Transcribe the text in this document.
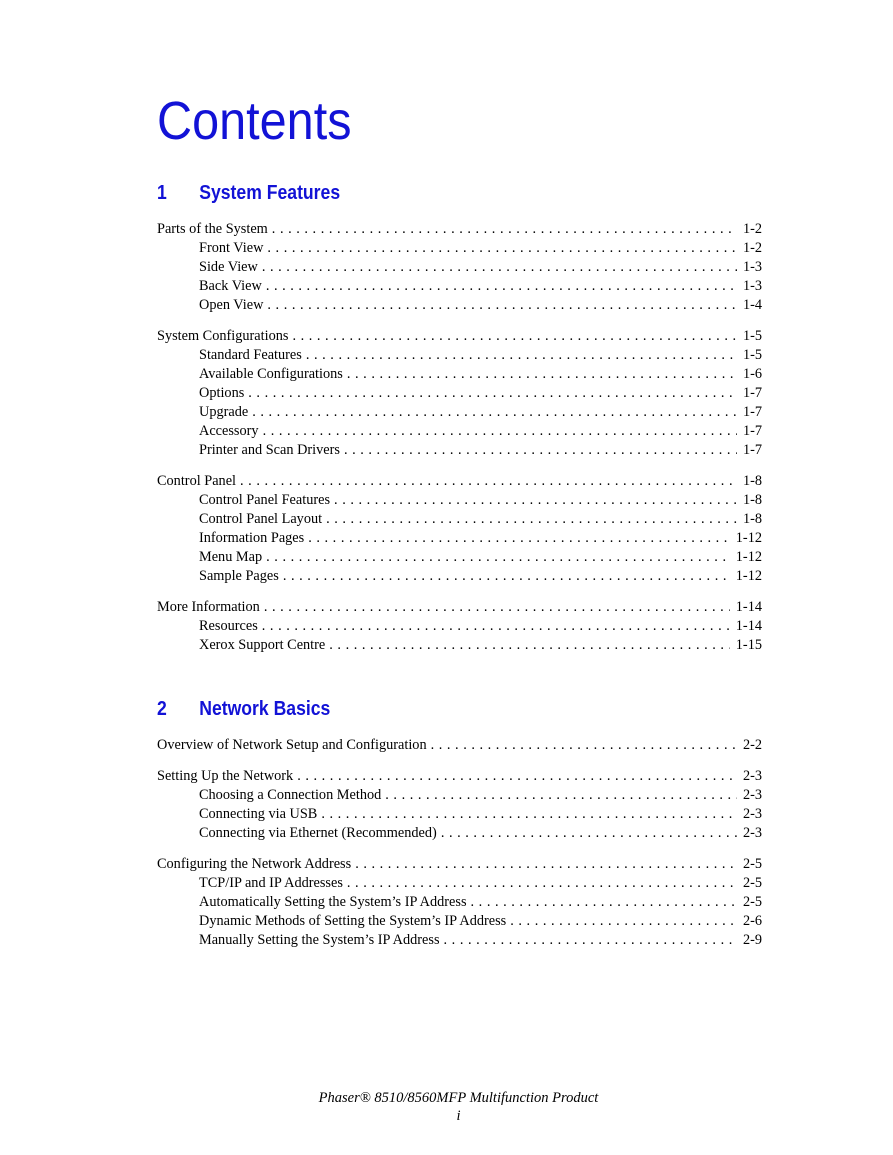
Contents
1 System Features
Parts of the System . . .	1-2
Front View . . .	1-2
Side View . . .	1-3
Back View . . .	1-3
Open View . . .	1-4
System Configurations . . .	1-5
Standard Features . . .	1-5
Available Configurations . . .	1-6
Options . . .	1-7
Upgrade . . .	1-7
Accessory . . .	1-7
Printer and Scan Drivers . . .	1-7
Control Panel . . .	1-8
Control Panel Features . . .	1-8
Control Panel Layout . . .	1-8
Information Pages . . .	1-12
Menu Map . . .	1-12
Sample Pages . . .	1-12
More Information . . .	1-14
Resources . . .	1-14
Xerox Support Centre . . .	1-15
2 Network Basics
Overview of Network Setup and Configuration . . .	2-2
Setting Up the Network . . .	2-3
Choosing a Connection Method . . .	2-3
Connecting via USB . . .	2-3
Connecting via Ethernet (Recommended) . . .	2-3
Configuring the Network Address . . .	2-5
TCP/IP and IP Addresses . . .	2-5
Automatically Setting the System’s IP Address . . .	2-5
Dynamic Methods of Setting the System’s IP Address . . .	2-6
Manually Setting the System’s IP Address . . .	2-9
Phaser® 8510/8560MFP Multifunction Product
i
